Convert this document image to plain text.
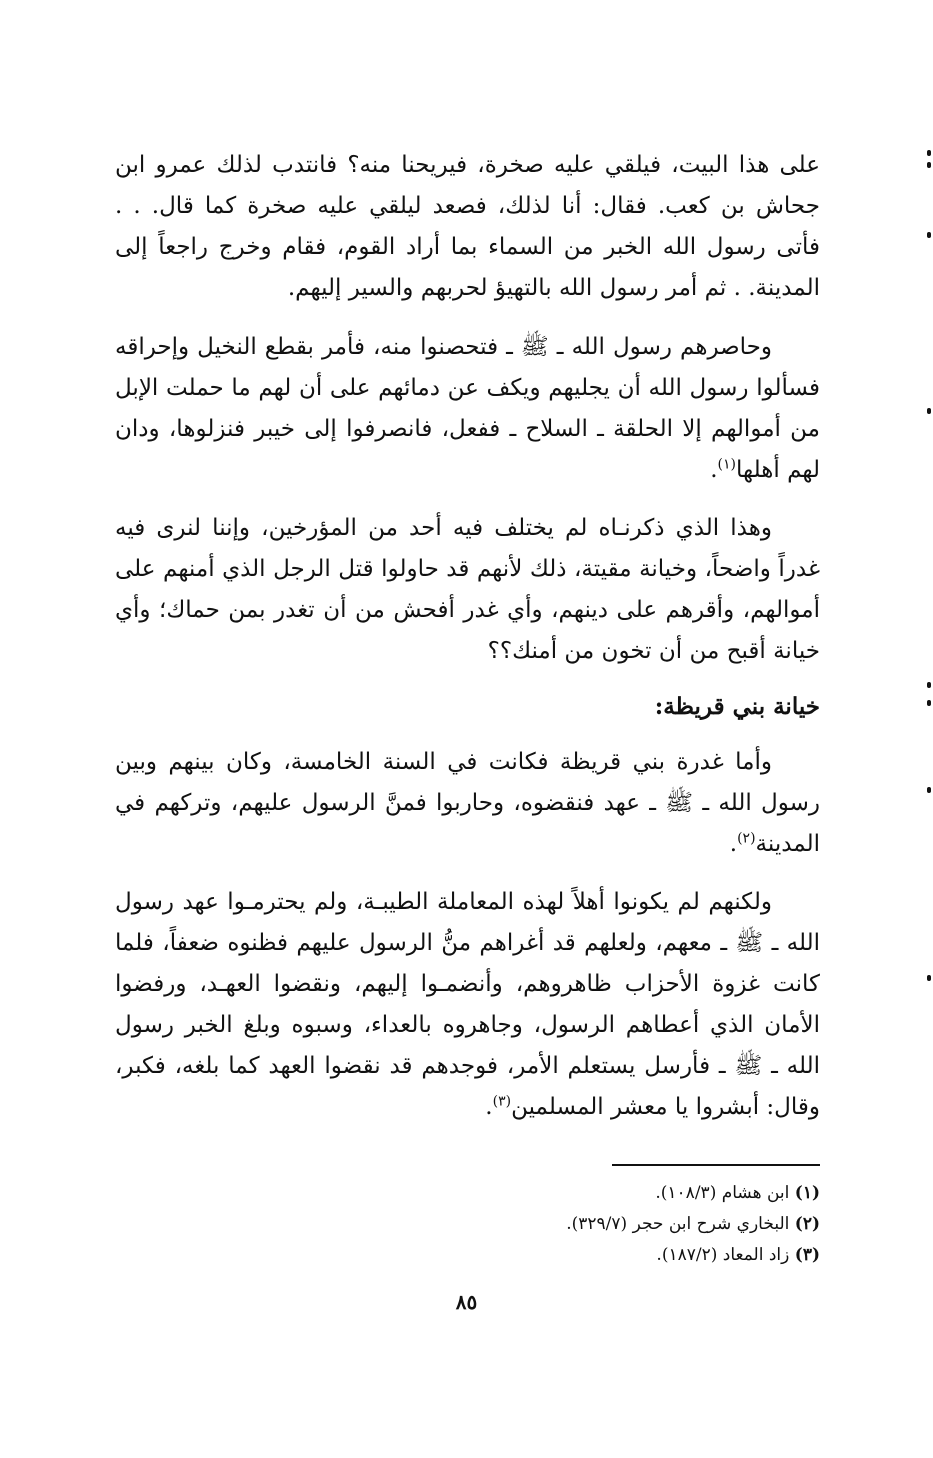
على هذا البيت، فيلقي عليه صخرة، فيريحنا منه؟ فانتدب لذلك عمرو ابن جحاش بن كعب. فقال: أنا لذلك، فصعد ليلقي عليه صخرة كما قال. . . فأتى رسول الله الخبر من السماء بما أراد القوم، فقام وخرج راجعاً إلى المدينة. . ثم أمر رسول الله بالتهيؤ لحربهم والسير إليهم.

وحاصرهم رسول الله ـ ﷺ ـ فتحصنوا منه، فأمر بقطع النخيل وإحراقه فسألوا رسول الله أن يجليهم ويكف عن دمائهم على أن لهم ما حملت الإبل من أموالهم إلا الحلقة ـ السلاح ـ ففعل، فانصرفوا إلى خيبر فنزلوها، ودان لهم أهلها$^{(١)}$.

وهذا الذي ذكرنـاه لم يختلف فيه أحد من المؤرخين، وإننا لنرى فيه غدراً واضحاً، وخيانة مقيتة، ذلك لأنهم قد حاولوا قتل الرجل الذي أمنهم على أموالهم، وأقرهم على دينهم، وأي غدر أفحش من أن تغدر بمن حماك؛ وأي خيانة أقبح من أن تخون من أمنك؟؟

خيانة بني قريظة:

وأما غدرة بني قريظة فكانت في السنة الخامسة، وكان بينهم وبين رسول الله ـ ﷺ ـ عهد فنقضوه، وحاربوا فمنَّ الرسول عليهم، وتركهم في المدينة$^{(٢)}$.

ولكنهم لم يكونوا أهلاً لهذه المعاملة الطيبـة، ولم يحترمـوا عهد رسول الله ـ ﷺ ـ معهم، ولعلهم قد أغراهم منُّ الرسول عليهم فظنوه ضعفاً، فلما كانت غزوة الأحزاب ظاهروهم، وأنضمـوا إليهم، ونقضوا العهـد، ورفضوا الأمان الذي أعطاهم الرسول، وجاهروه بالعداء، وسبوه وبلغ الخبر رسول الله ـ ﷺ ـ فأرسل يستعلم الأمر، فوجدهم قد نقضوا العهد كما بلغه، فكبر، وقال: أبشروا يا معشر المسلمين$^{(٣)}$.

(١) ابن هشام (١٠٨/٣).
(٢) البخاري شرح ابن حجر (٣٢٩/٧).
(٣) زاد المعاد (١٨٧/٢).
٨٥
